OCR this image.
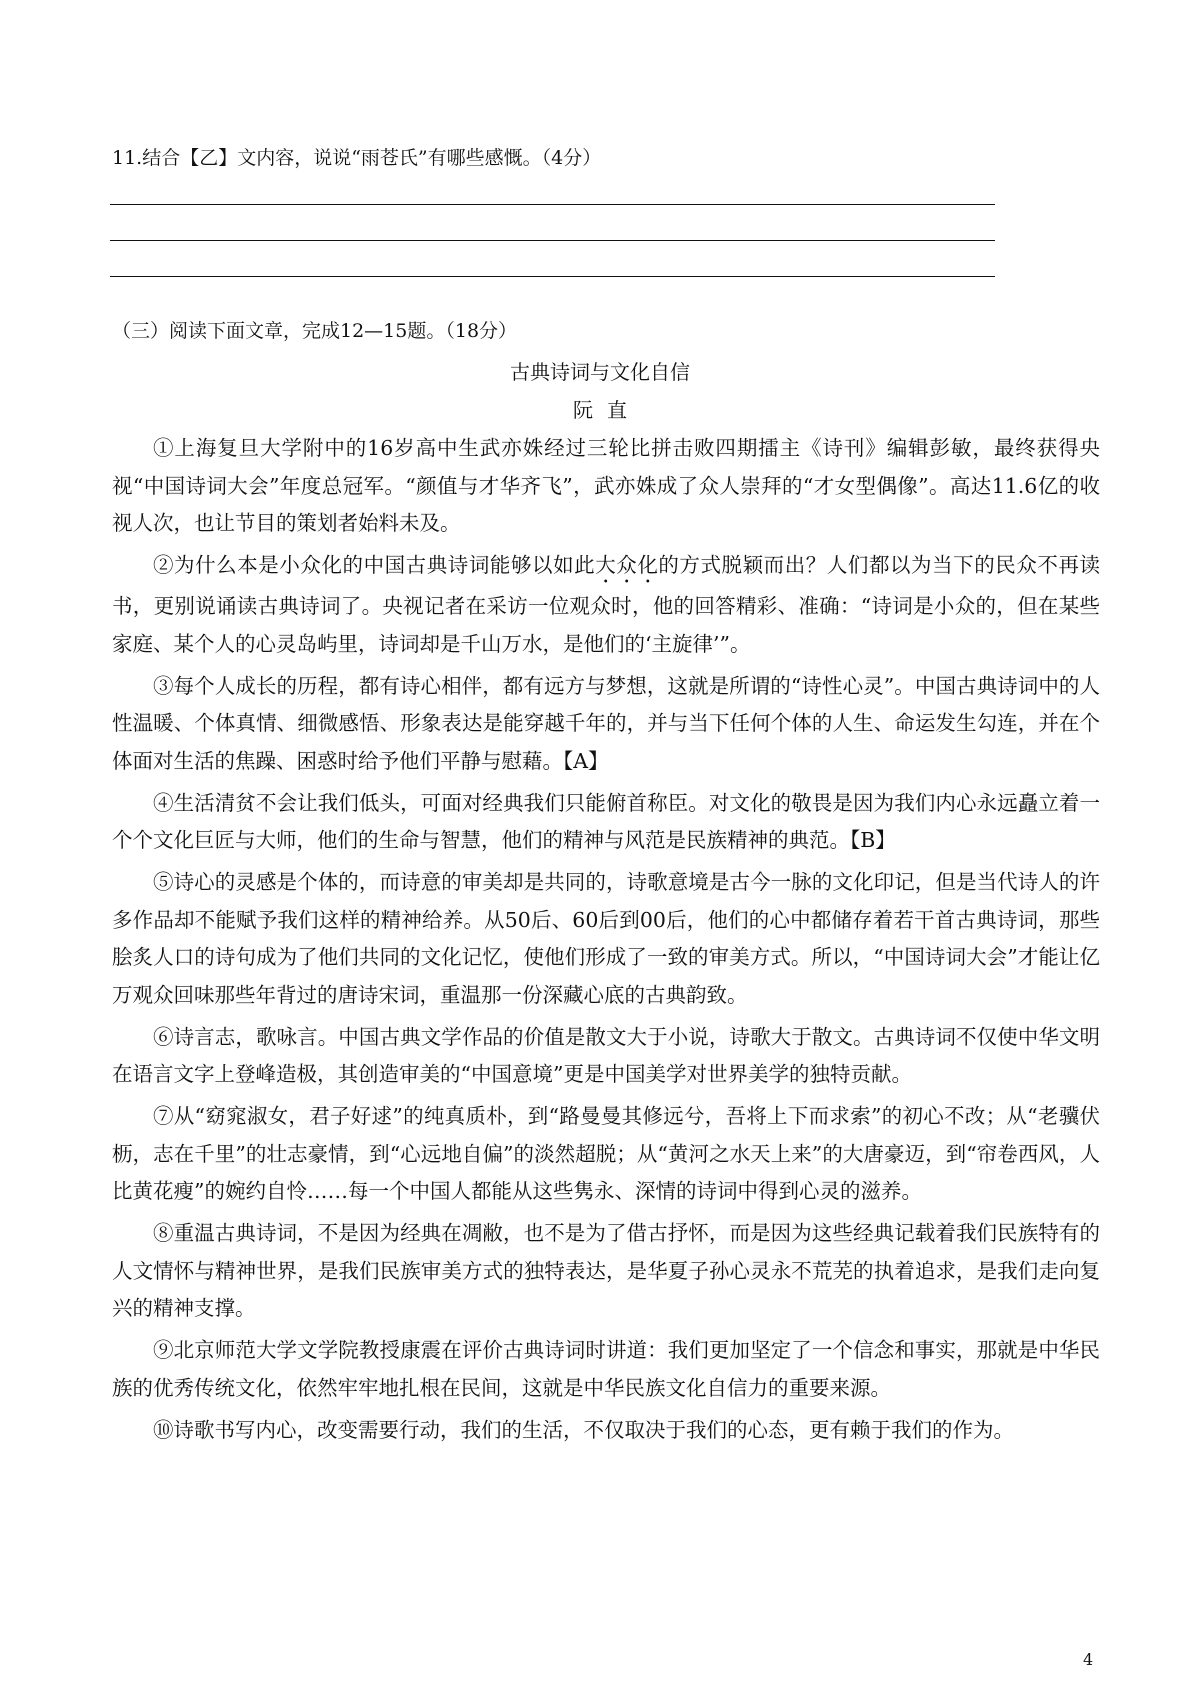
11.结合【乙】文内容，说说“雨苍氏”有哪些感慨。（4分）
（三）阅读下面文章，完成12—15题。（18分）
古典诗词与文化自信
阮直

①上海复旦大学附中的16岁高中生武亦姝经过三轮比拼击败四期擂主《诗刊》编辑彭敏，最终获得央视“中国诗词大会”年度总冠军。“颜值与才华齐飞”，武亦姝成了众人崇拜的“才女型偶像”。高达11.6亿的收视人次，也让节目的策划者始料未及。

②为什么本是小众化的中国古典诗词能够以如此大众化的方式脱颖而出？人们都以为当下的民众不再读书，更别说诵读古典诗词了。央视记者在采访一位观众时，他的回答精彩、准确：“诗词是小众的，但在某些家庭、某个人的心灵岛屿里，诗词却是千山万水，是他们的‘主旋律’”。

③每个人成长的历程，都有诗心相伴，都有远方与梦想，这就是所谓的“诗性心灵”。中国古典诗词中的人性温暖、个体真情、细微感悟、形象表达是能穿越千年的，并与当下任何个体的人生、命运发生勾连，并在个体面对生活的焦躁、困惑时给予他们平静与慰藉。【A】

④生活清贫不会让我们低头，可面对经典我们只能俯首称臣。对文化的敬畏是因为我们内心永远矗立着一个个文化巨匠与大师，他们的生命与智慧，他们的精神与风范是民族精神的典范。【B】

⑤诗心的灵感是个体的，而诗意的审美却是共同的，诗歌意境是古今一脉的文化印记，但是当代诗人的许多作品却不能赋予我们这样的精神给养。从50后、60后到00后，他们的心中都储存着若干首古典诗词，那些脍炙人口的诗句成为了他们共同的文化记忆，使他们形成了一致的审美方式。所以，“中国诗词大会”才能让亿万观众回味那些年背过的唐诗宋词，重温那一份深藏心底的古典韵致。

⑥诗言志，歌咏言。中国古典文学作品的价值是散文大于小说，诗歌大于散文。古典诗词不仅使中华文明在语言文字上登峰造极，其创造审美的“中国意境”更是中国美学对世界美学的独特贡献。

⑦从“窈窕淑女，君子好逑”的纯真质朴，到“路曼曼其修远兮，吾将上下而求索”的初心不改；从“老骥伏枥，志在千里”的壮志豪情，到“心远地自偏”的淡然超脱；从“黄河之水天上来”的大唐豪迈，到“帘卷西风，人比黄花瘦”的婉约自怜……每一个中国人都能从这些隽永、深情的诗词中得到心灵的滋养。

⑧重温古典诗词，不是因为经典在凋敝，也不是为了借古抒怀，而是因为这些经典记载着我们民族特有的人文情怀与精神世界，是我们民族审美方式的独特表达，是华夏子孙心灵永不荒芜的执着追求，是我们走向复兴的精神支撑。

⑨北京师范大学文学院教授康震在评价古典诗词时讲道：我们更加坚定了一个信念和事实，那就是中华民族的优秀传统文化，依然牢牢地扎根在民间，这就是中华民族文化自信力的重要来源。

⑩诗歌书写内心，改变需要行动，我们的生活，不仅取决于我们的心态，更有赖于我们的作为。

4
